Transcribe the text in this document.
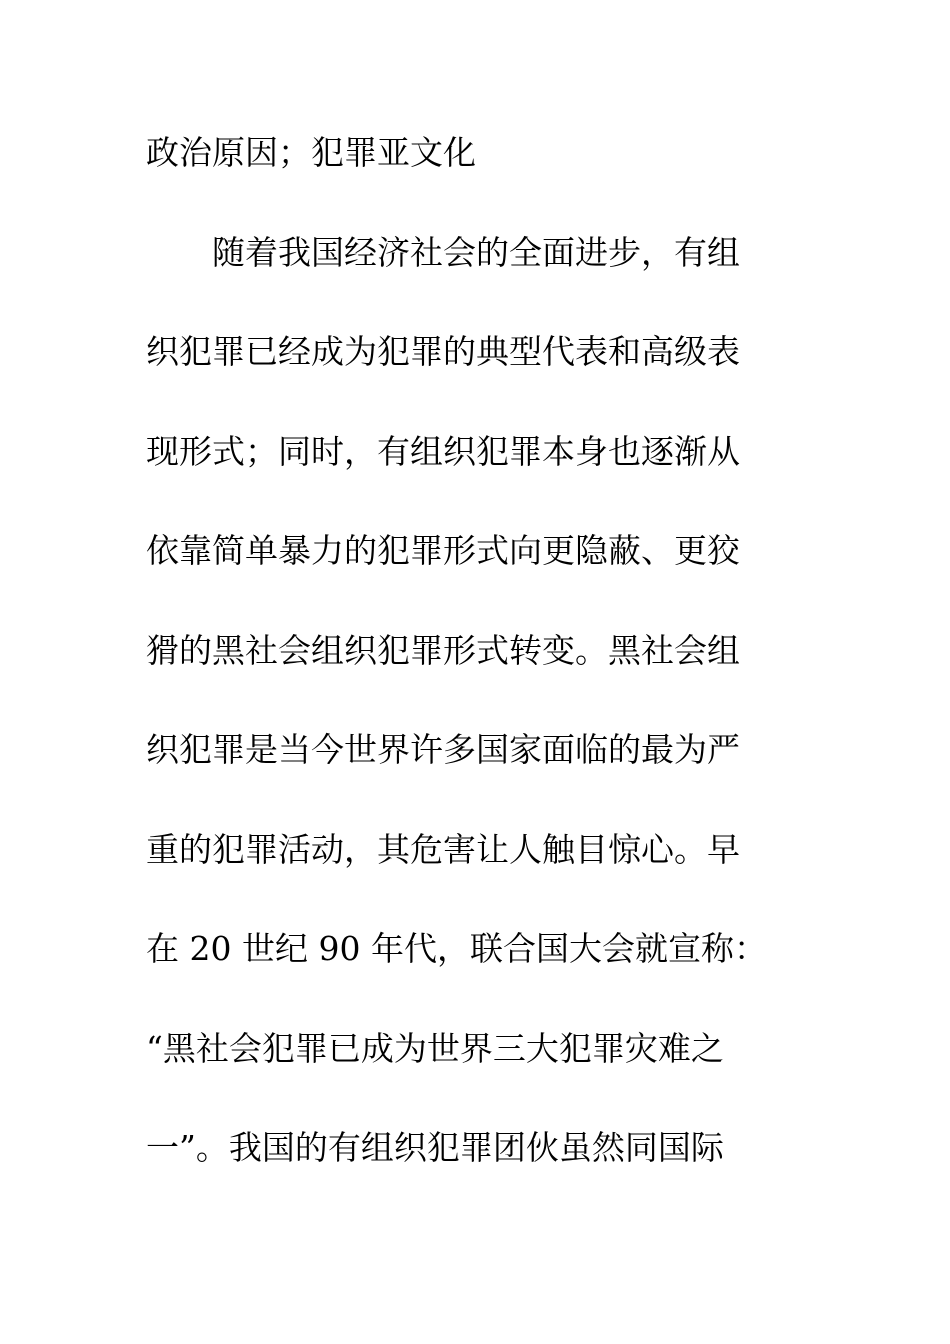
政治原因；犯罪亚文化
随着我国经济社会的全面进步，有组
织犯罪已经成为犯罪的典型代表和高级表
现形式；同时，有组织犯罪本身也逐渐从
依靠简单暴力的犯罪形式向更隐蔽、更狡
猾的黑社会组织犯罪形式转变。黑社会组
织犯罪是当今世界许多国家面临的最为严
重的犯罪活动，其危害让人触目惊心。早
在 20 世纪 90 年代，联合国大会就宣称：
“黑社会犯罪已成为世界三大犯罪灾难之
一”。我国的有组织犯罪团伙虽然同国际
